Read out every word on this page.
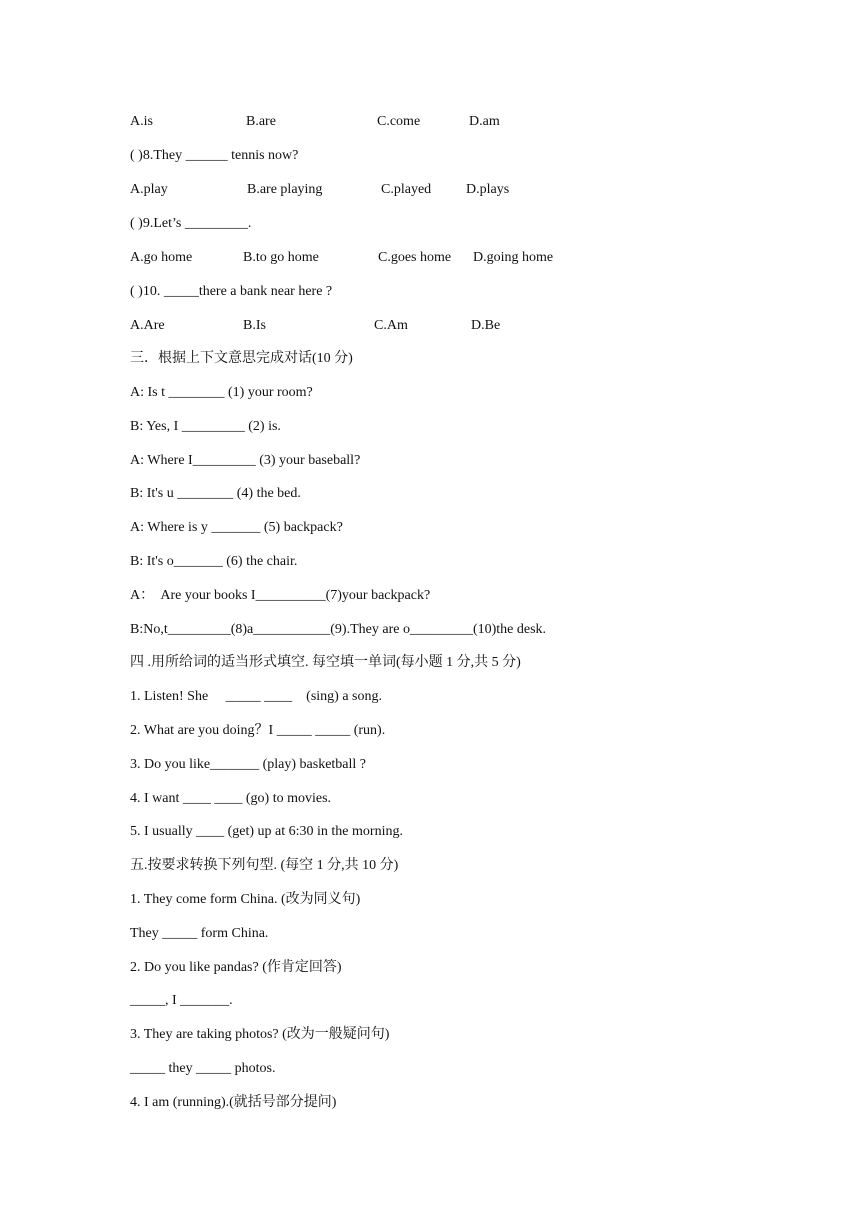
A.is	B.are	C.come	D.am
( )8.They ______ tennis now?
A.play	B.are playing	C.played D.plays
( )9.Let’s _________.
A.go home	B.to go home	C.goes home D.going home
( )10. _____there a bank near here ?
A.Are	B.Is	C.Am	D.Be
三．根据上下文意思完成对话(10 分)
A: Is t ________ (1) your room?
B: Yes, I _________ (2) is.
A: Where I_________ (3) your baseball?
B: It's u ________ (4) the bed.
A: Where is y _______ (5) backpack?
B: It's o_______ (6) the chair.
A：  Are your books I__________(7)your backpack?
B:No,t_________(8)a___________(9).They are o_________(10)the desk.
四 .用所给词的适当形式填空. 每空填一单词(每小题 1 分,共 5 分)
1. Listen! She     _____ ____    (sing) a song.
2. What are you doing？I _____ _____ (run).
3. Do you like_______ (play) basketball ?
4. I want ____ ____ (go) to movies.
5. I usually ____ (get) up at 6:30 in the morning.
五.按要求转换下列句型. (每空 1 分,共 10 分)
1. They come form China. (改为同义句)
They _____ form China.
2. Do you like pandas? (作肯定回答)
_____, I _______.
3. They are taking photos? (改为一般疑问句)
_____ they _____ photos.
4. I am (running).(就括号部分提问)
